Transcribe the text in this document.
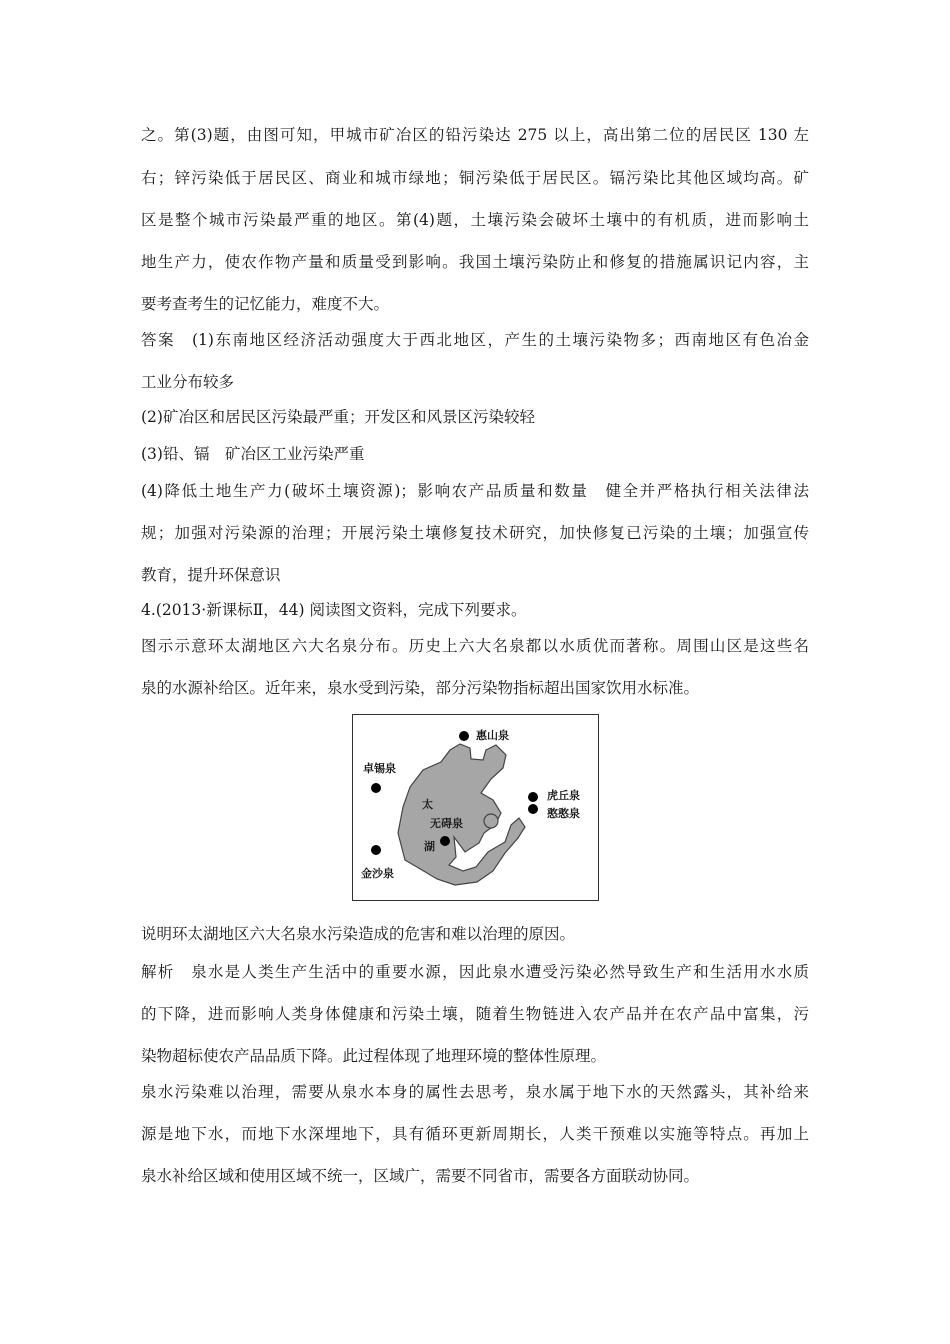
之。第(3)题，由图可知，甲城市矿冶区的铅污染达 275 以上，高出第二位的居民区 130 左
右；锌污染低于居民区、商业和城市绿地；铜污染低于居民区。镉污染比其他区域均高。矿
区是整个城市污染最严重的地区。第(4)题，土壤污染会破坏土壤中的有机质，进而影响土
地生产力，使农作物产量和质量受到影响。我国土壤污染防止和修复的措施属识记内容，主
要考查考生的记忆能力，难度不大。
答案　(1)东南地区经济活动强度大于西北地区，产生的土壤污染物多；西南地区有色冶金
工业分布较多
(2)矿冶区和居民区污染最严重；开发区和风景区污染较轻
(3)铅、镉　矿冶区工业污染严重
(4)降低土地生产力(破坏土壤资源)；影响农产品质量和数量　健全并严格执行相关法律法
规；加强对污染源的治理；开展污染土壤修复技术研究，加快修复已污染的土壤；加强宣传
教育，提升环保意识
4.(2013·新课标Ⅱ，44) 阅读图文资料，完成下列要求。
图示示意环太湖地区六大名泉分布。历史上六大名泉都以水质优而著称。周围山区是这些名
泉的水源补给区。近年来，泉水受到污染，部分污染物指标超出国家饮用水标准。
惠山泉
卓锡泉
虎丘泉
憨憨泉
无碍泉
金沙泉
太
湖
说明环太湖地区六大名泉水污染造成的危害和难以治理的原因。
解析　泉水是人类生产生活中的重要水源，因此泉水遭受污染必然导致生产和生活用水水质
的下降，进而影响人类身体健康和污染土壤，随着生物链进入农产品并在农产品中富集，污
染物超标使农产品品质下降。此过程体现了地理环境的整体性原理。
泉水污染难以治理，需要从泉水本身的属性去思考，泉水属于地下水的天然露头，其补给来
源是地下水，而地下水深埋地下，具有循环更新周期长，人类干预难以实施等特点。再加上
泉水补给区域和使用区域不统一，区域广，需要不同省市，需要各方面联动协同。
